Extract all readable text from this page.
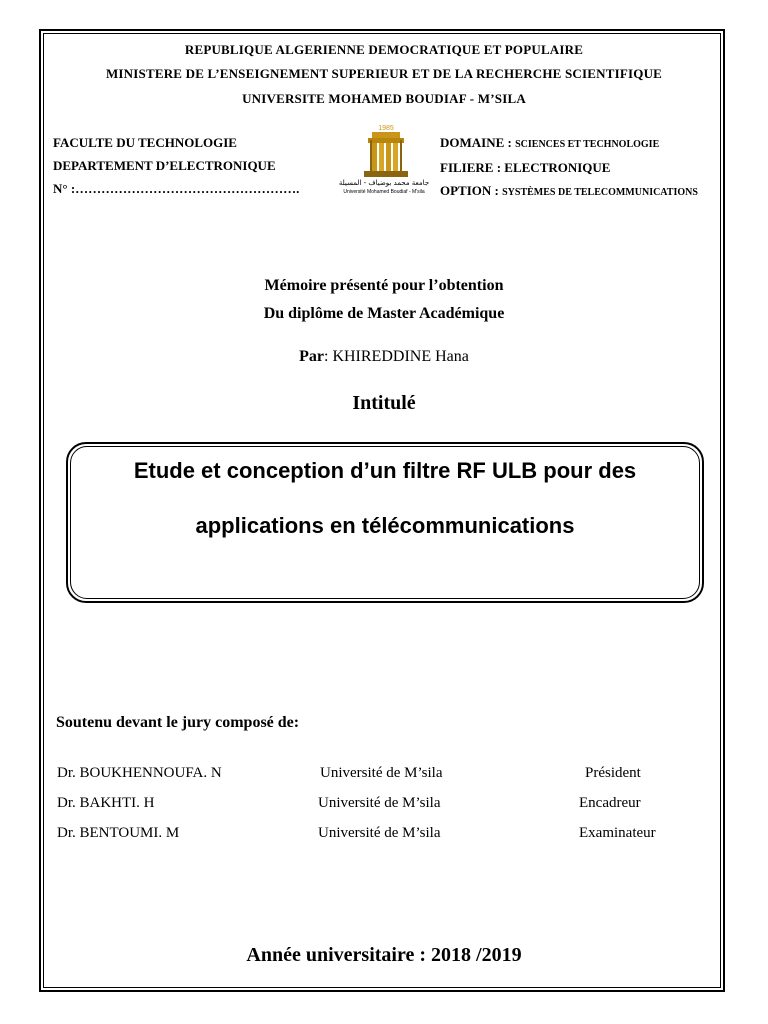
REPUBLIQUE ALGERIENNE DEMOCRATIQUE ET POPULAIRE
MINISTERE DE L’ENSEIGNEMENT SUPERIEUR ET DE LA RECHERCHE SCIENTIFIQUE
UNIVERSITE MOHAMED BOUDIAF - M’SILA
FACULTE DU TECHNOLOGIE
DEPARTEMENT D’ELECTRONIQUE
N° :…………………………………………….
1985
جامعة محمد بوضياف - المسيلة
Université Mohamed Boudiaf - M'sila
DOMAINE : SCIENCES ET TECHNOLOGIE
FILIERE : ELECTRONIQUE
OPTION : SYSTÈMES DE TELECOMMUNICATIONS
Mémoire présenté pour l’obtention
Du diplôme de Master Académique
Par: KHIREDDINE Hana
Intitulé
Etude et conception d’un filtre RF ULB pour des
applications en télécommunications
Soutenu devant le jury composé de:
Dr. BOUKHENNOUFA. N	Université de M’sila	Président
Dr. BAKHTI. H	Université de M’sila	Encadreur
Dr. BENTOUMI. M	Université de M’sila	Examinateur
Année universitaire : 2018 /2019
